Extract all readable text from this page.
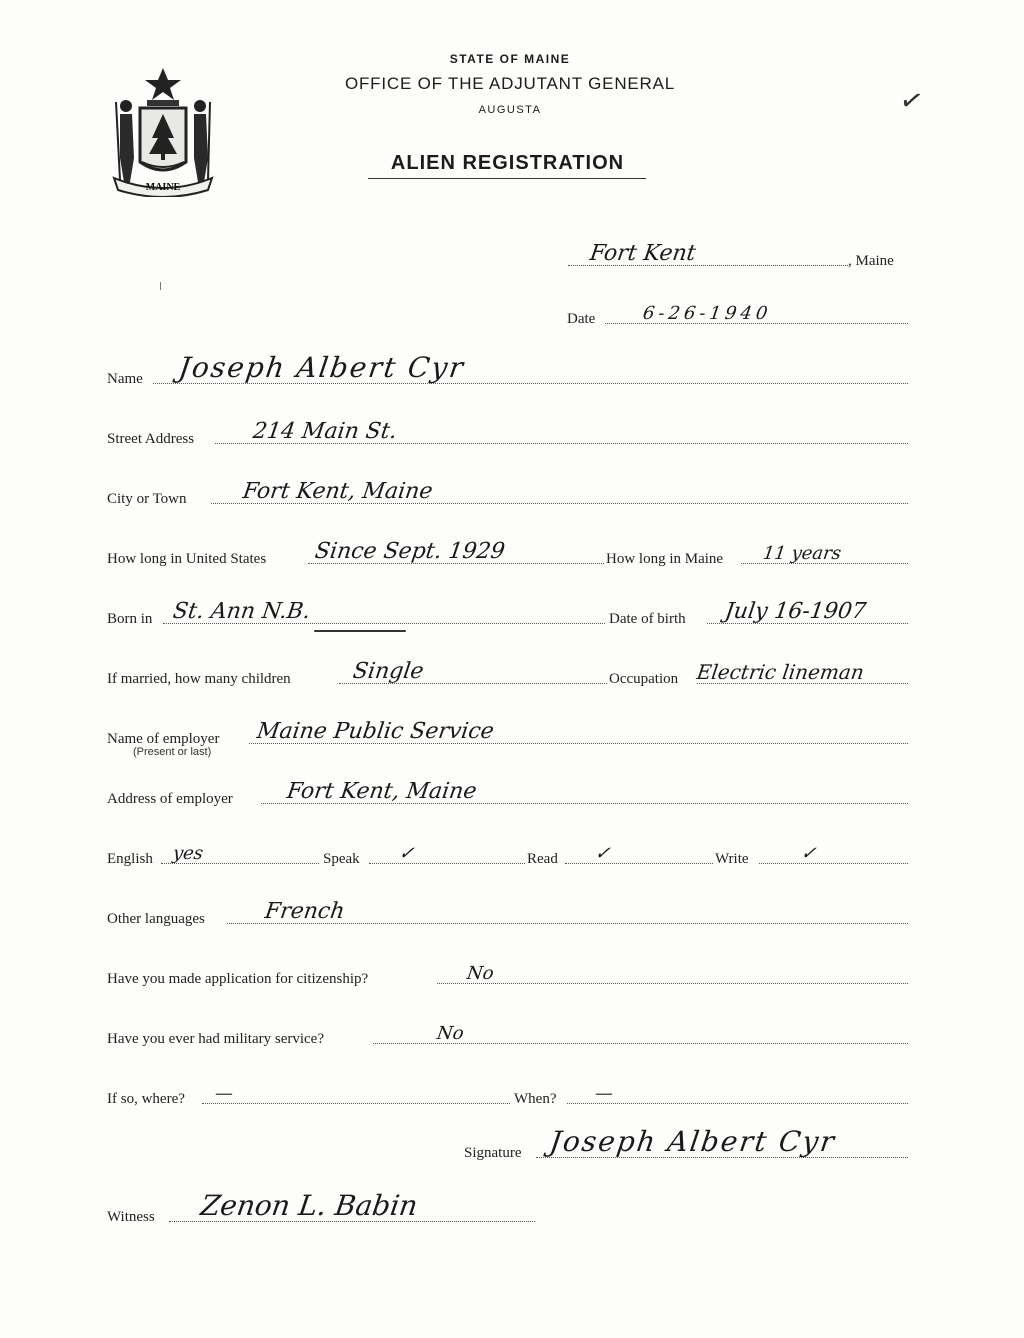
STATE OF MAINE
OFFICE OF THE ADJUTANT GENERAL
AUGUSTA
ALIEN REGISTRATION
MAINE
✓
Fort Kent	, Maine
Date	6-26-1940
Name Joseph Albert Cyr
Street Address	214 Main St.
City or Town Fort Kent, Maine
How long in United States Since Sept. 1929	How long in Maine 11 years
Born in St. Ann N.B.	Date of birth July 16-1907
If married, how many children	Single	Occupation Electric lineman
Name of employer Maine Public Service
(Present or last)
Address of employer Fort Kent, Maine
English yes	Speak ✓	Read ✓	Write	✓
Other languages	French
Have you made application for citizenship?	No
Have you ever had military service?	No
If so, where? —	When? —
Signature Joseph Albert Cyr
Witness Zenon L. Babin
